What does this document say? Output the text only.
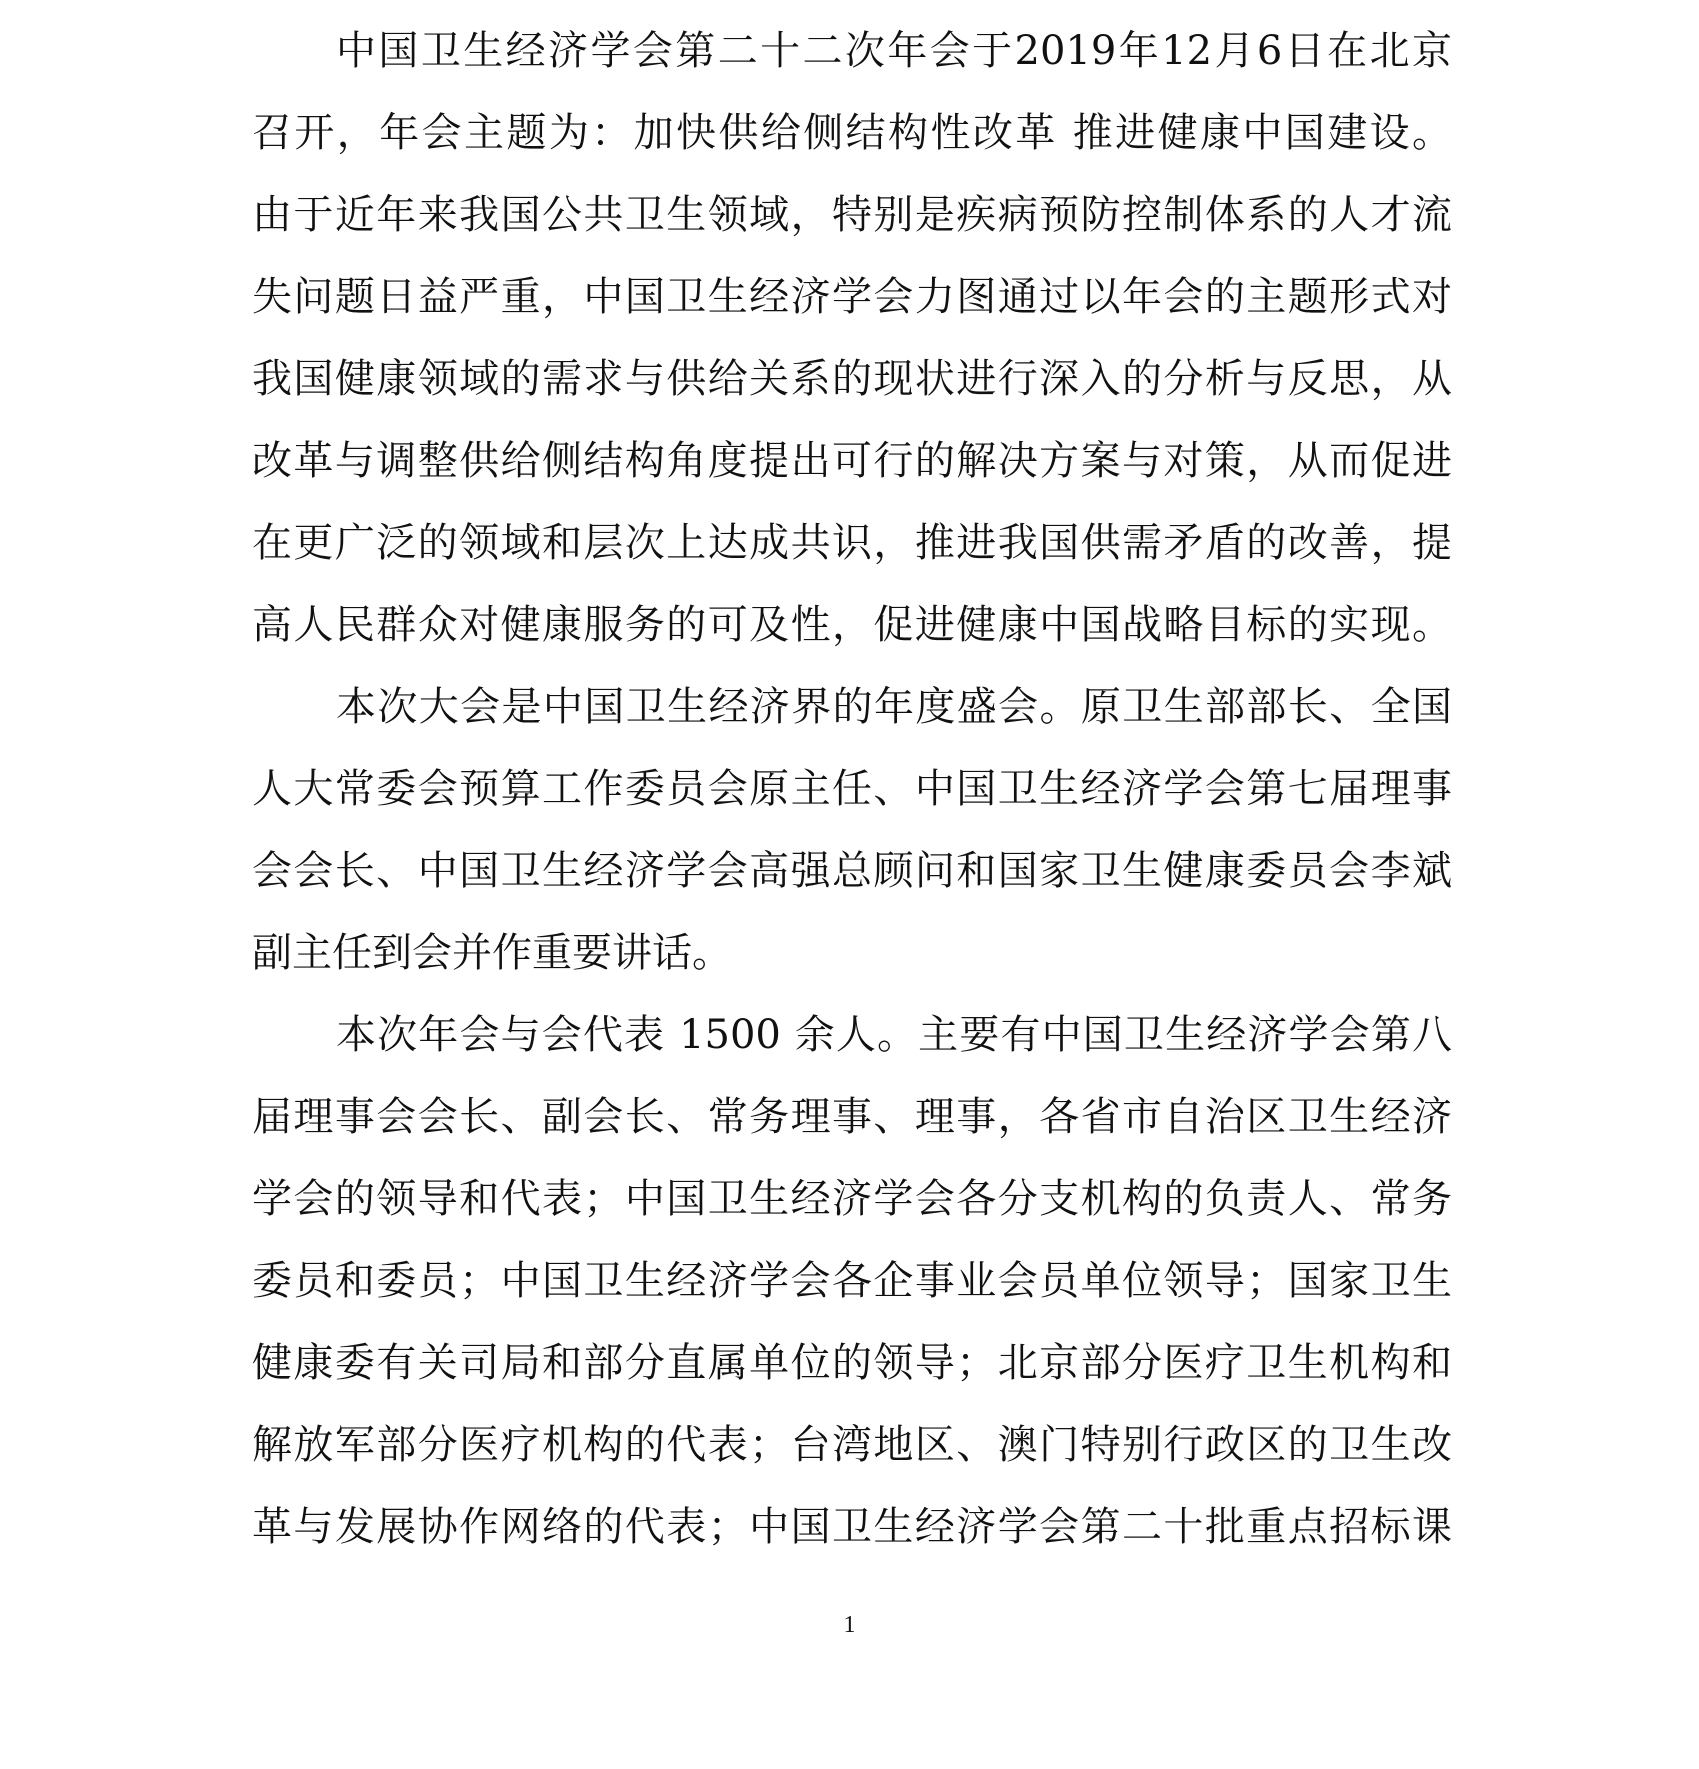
中国卫生经济学会第二十二次年会于2019年12月6日在北京
召开，年会主题为：加快供给侧结构性改革 推进健康中国建设。
由于近年来我国公共卫生领域，特别是疾病预防控制体系的人才流
失问题日益严重，中国卫生经济学会力图通过以年会的主题形式对
我国健康领域的需求与供给关系的现状进行深入的分析与反思，从
改革与调整供给侧结构角度提出可行的解决方案与对策，从而促进
在更广泛的领域和层次上达成共识，推进我国供需矛盾的改善，提
高人民群众对健康服务的可及性，促进健康中国战略目标的实现。
本次大会是中国卫生经济界的年度盛会。原卫生部部长、全国
人大常委会预算工作委员会原主任、中国卫生经济学会第七届理事
会会长、中国卫生经济学会高强总顾问和国家卫生健康委员会李斌
副主任到会并作重要讲话。
本次年会与会代表 1500 余人。主要有中国卫生经济学会第八
届理事会会长、副会长、常务理事、理事，各省市自治区卫生经济
学会的领导和代表；中国卫生经济学会各分支机构的负责人、常务
委员和委员；中国卫生经济学会各企事业会员单位领导；国家卫生
健康委有关司局和部分直属单位的领导；北京部分医疗卫生机构和
解放军部分医疗机构的代表；台湾地区、澳门特别行政区的卫生改
革与发展协作网络的代表；中国卫生经济学会第二十批重点招标课
1
